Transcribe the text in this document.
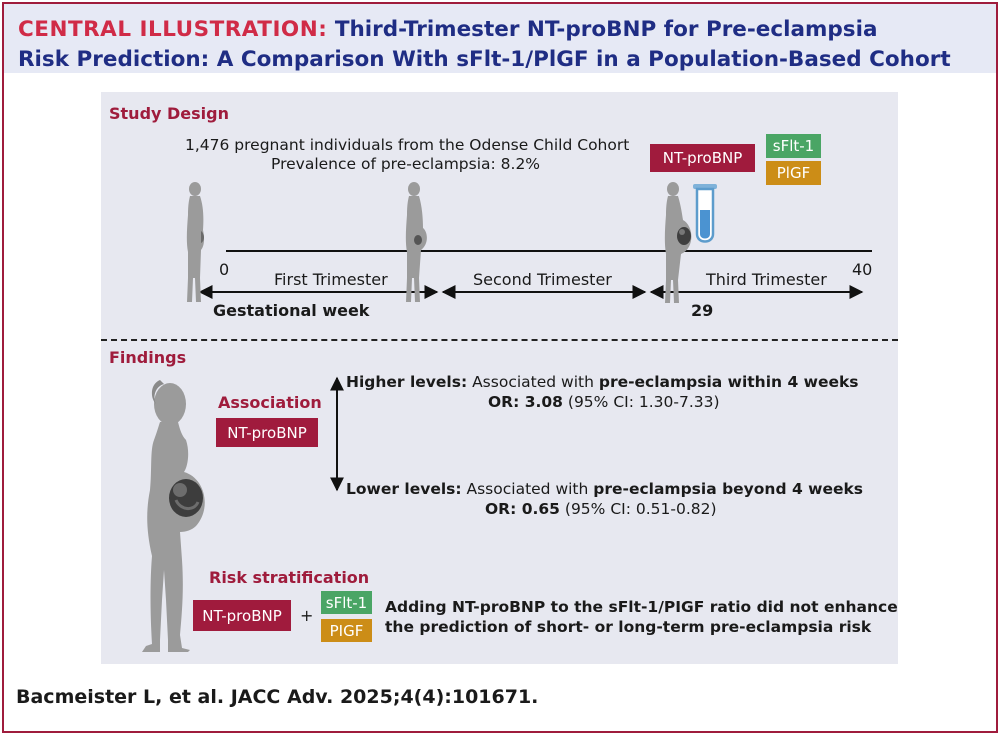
CENTRAL ILLUSTRATION: Third-Trimester NT-proBNP for Pre-eclampsia
Risk Prediction: A Comparison With sFlt-1/PlGF in a Population-Based Cohort
Study Design
1,476 pregnant individuals from the Odense Child Cohort
Prevalence of pre-eclampsia: 8.2%	NT-proBNP
sFlt-1
PlGF
0	40
First Trimester	Second Trimester	Third Trimester
Gestational week	29
Findings
Association
NT-proBNP
Higher levels: Associated with pre-eclampsia within 4 weeks
OR: 3.08 (95% CI: 1.30-7.33)
Lower levels: Associated with pre-eclampsia beyond 4 weeks
OR: 0.65 (95% CI: 0.51-0.82)
Risk stratification
NT-proBNP	+
sFlt-1
PIGF
Adding NT-proBNP to the sFlt-1/PIGF ratio did not enhance
the prediction of short- or long-term pre-eclampsia risk
Bacmeister L, et al. JACC Adv. 2025;4(4):101671.
